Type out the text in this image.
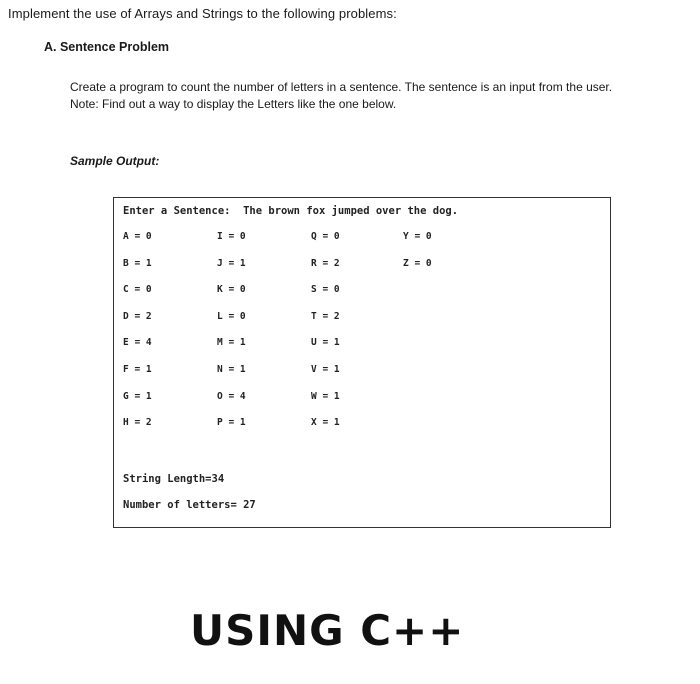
Implement the use of Arrays and Strings to the following problems:
A. Sentence Problem
Create a program to count the number of letters in a sentence. The sentence is an input from the user.
Note: Find out a way to display the Letters like the one below.
Sample Output:
Enter a Sentence:  The brown fox jumped over the dog.
String Length=34
Number of letters= 27
A = 0
B = 1
C = 0
D = 2
E = 4
F = 1
G = 1
H = 2
I = 0
J = 1
K = 0
L = 0
M = 1
N = 1
O = 4
P = 1
Q = 0
R = 2
S = 0
T = 2
U = 1
V = 1
W = 1
X = 1
Y = 0
Z = 0
USING C++
